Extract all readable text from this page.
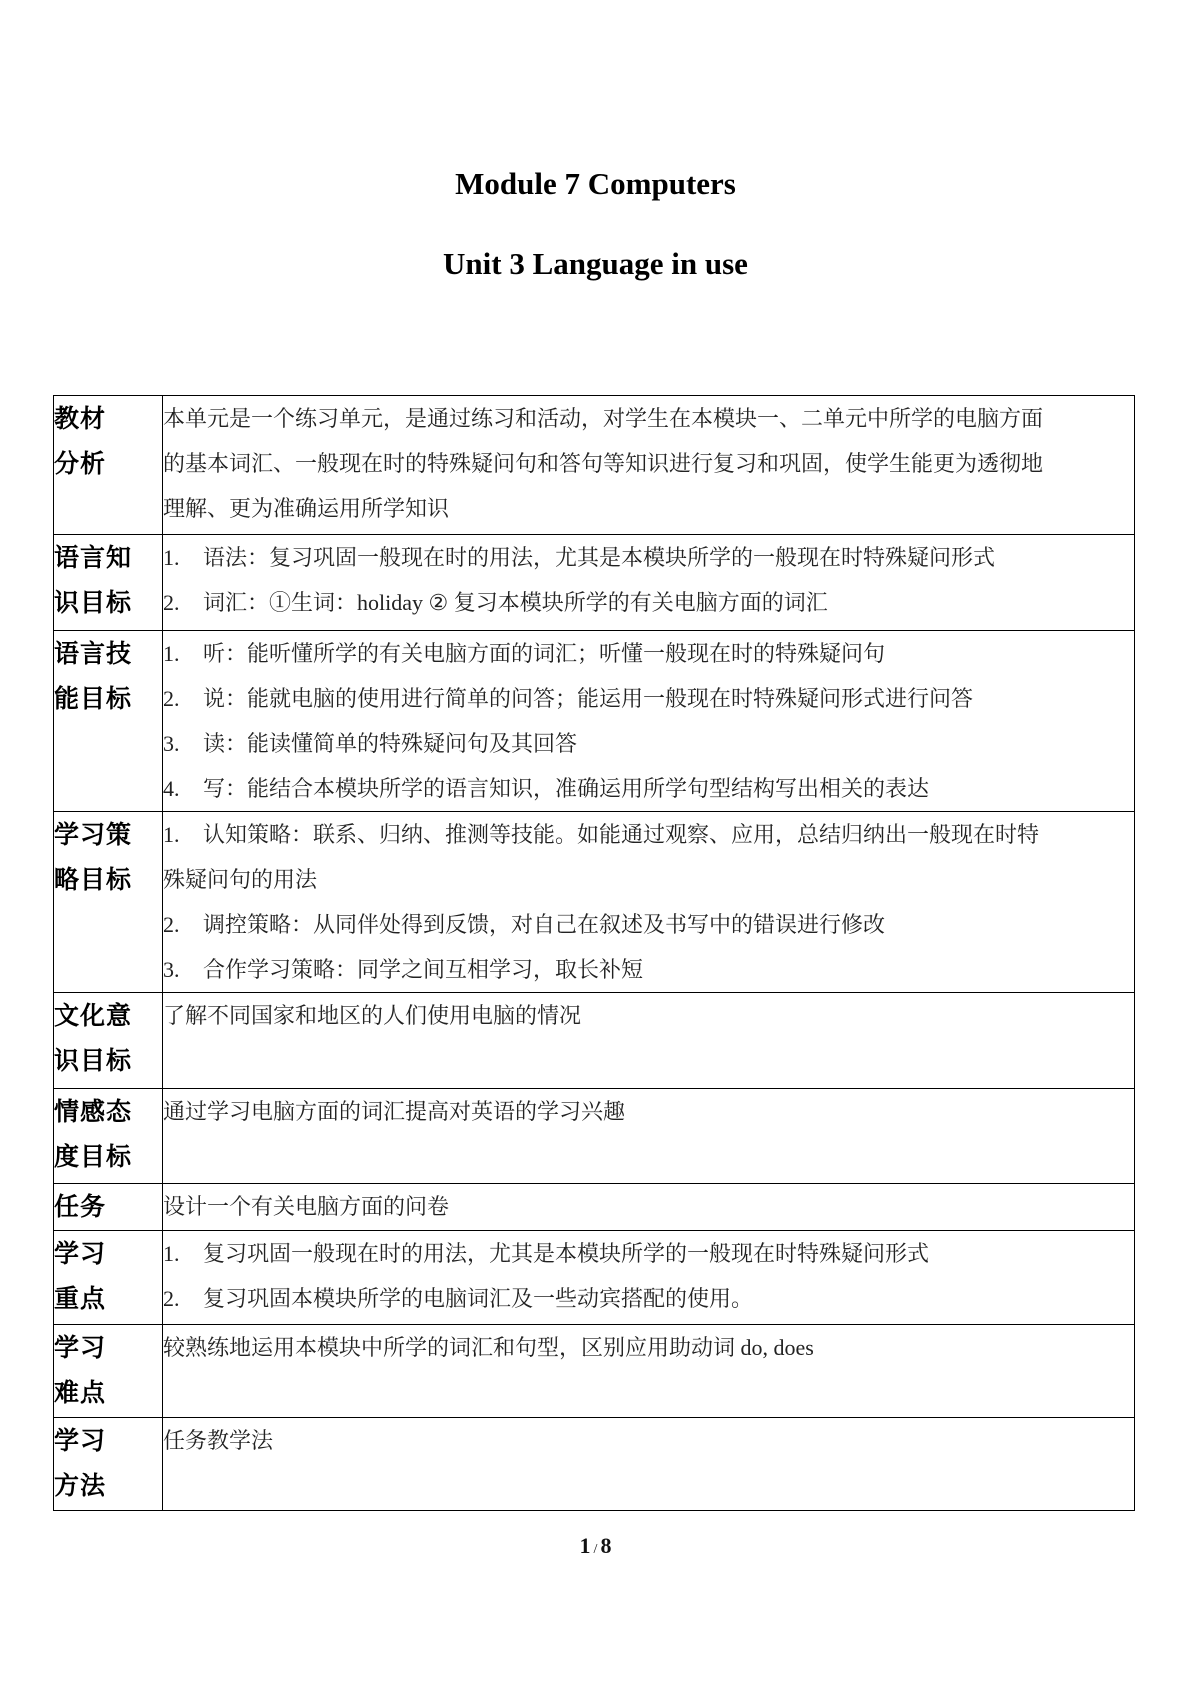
Module 7 Computers
Unit 3 Language in use
教材
分析	本单元是一个练习单元，是通过练习和活动，对学生在本模块一、二单元中所学的电脑方面
的基本词汇、一般现在时的特殊疑问句和答句等知识进行复习和巩固，使学生能更为透彻地
理解、更为准确运用所学知识

语言知
识目标	1. 语法：复习巩固一般现在时的用法，尤其是本模块所学的一般现在时特殊疑问形式
2. 词汇：①生词：holiday ② 复习本模块所学的有关电脑方面的词汇

语言技
能目标	1. 听：能听懂所学的有关电脑方面的词汇；听懂一般现在时的特殊疑问句
2. 说：能就电脑的使用进行简单的问答；能运用一般现在时特殊疑问形式进行问答
3. 读：能读懂简单的特殊疑问句及其回答
4. 写：能结合本模块所学的语言知识，准确运用所学句型结构写出相关的表达

学习策
略目标	1. 认知策略：联系、归纳、推测等技能。如能通过观察、应用，总结归纳出一般现在时特
殊疑问句的用法
2. 调控策略：从同伴处得到反馈，对自己在叙述及书写中的错误进行修改
3. 合作学习策略：同学之间互相学习，取长补短

文化意
识目标	了解不同国家和地区的人们使用电脑的情况

情感态
度目标	通过学习电脑方面的词汇提高对英语的学习兴趣

任务	设计一个有关电脑方面的问卷

学习
重点	1. 复习巩固一般现在时的用法，尤其是本模块所学的一般现在时特殊疑问形式
2. 复习巩固本模块所学的电脑词汇及一些动宾搭配的使用。

学习
难点	较熟练地运用本模块中所学的词汇和句型，区别应用助动词 do, does

学习
方法	任务教学法
1 / 8
